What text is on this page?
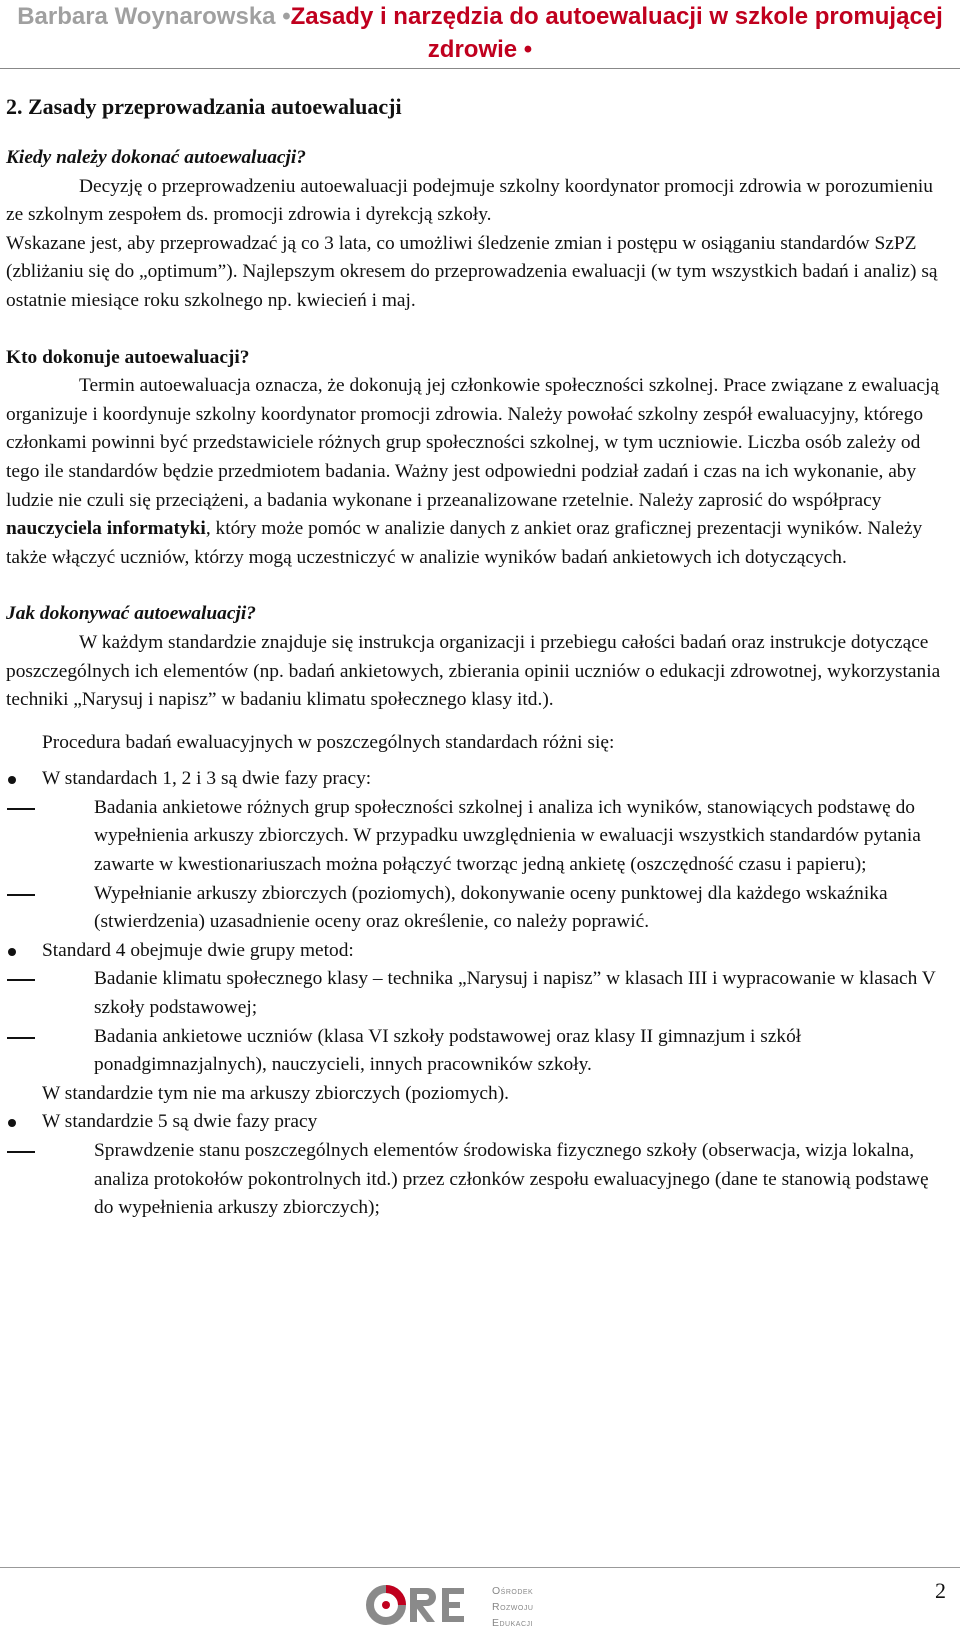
Barbara Woynarowska •Zasady i narzędzia do autoewaluacji w szkole promującej zdrowie •
2. Zasady przeprowadzania autoewaluacji

Kiedy należy dokonać autoewaluacji?

Decyzję o przeprowadzeniu autoewaluacji podejmuje szkolny koordynator promocji zdrowia w porozumieniu ze szkolnym zespołem ds. promocji zdrowia i dyrekcją szkoły.

Wskazane jest, aby przeprowadzać ją co 3 lata, co umożliwi śledzenie zmian i postępu w osiąganiu standardów SzPZ (zbliżaniu się do „optimum”). Najlepszym okresem do przeprowadzenia ewaluacji (w tym wszystkich badań i analiz) są ostatnie miesiące roku szkolnego np. kwiecień i maj.

Kto dokonuje autoewaluacji?

Termin autoewaluacja oznacza, że dokonują jej członkowie społeczności szkolnej. Prace związane z ewaluacją organizuje i koordynuje szkolny koordynator promocji zdrowia. Należy powołać szkolny zespół ewaluacyjny, którego członkami powinni być przedstawiciele różnych grup społeczności szkolnej, w tym uczniowie. Liczba osób zależy od tego ile standardów będzie przedmiotem badania. Ważny jest odpowiedni podział zadań i czas na ich wykonanie, aby ludzie nie czuli się przeciążeni, a badania wykonane i przeanalizowane rzetelnie. Należy zaprosić do współpracy nauczyciela informatyki, który może pomóc w analizie danych z ankiet oraz graficznej prezentacji wyników. Należy także włączyć uczniów, którzy mogą uczestniczyć w analizie wyników badań ankietowych ich dotyczących.

Jak dokonywać autoewaluacji?

W każdym standardzie znajduje się instrukcja organizacji i przebiegu całości badań oraz instrukcje dotyczące poszczególnych ich elementów (np. badań ankietowych, zbierania opinii uczniów o edukacji zdrowotnej, wykorzystania techniki „Narysuj i napisz” w badaniu klimatu społecznego klasy itd.).

Procedura badań ewaluacyjnych w poszczególnych standardach różni się:

W standardach 1, 2 i 3 są dwie fazy pracy:
Badania ankietowe różnych grup społeczności szkolnej i analiza ich wyników, stanowiących podstawę do wypełnienia arkuszy zbiorczych. W przypadku uwzględnienia w ewaluacji wszystkich standardów pytania zawarte w kwestionariuszach można połączyć tworząc jedną ankietę (oszczędność czasu i papieru);
Wypełnianie arkuszy zbiorczych (poziomych), dokonywanie oceny punktowej dla każdego wskaźnika (stwierdzenia) uzasadnienie oceny oraz określenie, co należy poprawić.
Standard 4 obejmuje dwie grupy metod:
Badanie klimatu społecznego klasy – technika „Narysuj i napisz” w klasach III i wypracowanie w klasach V szkoły podstawowej;
Badania ankietowe uczniów (klasa VI szkoły podstawowej oraz klasy II gimnazjum i szkół ponadgimnazjalnych), nauczycieli, innych pracowników szkoły.
W standardzie tym nie ma arkuszy zbiorczych (poziomych).
W standardzie 5 są dwie fazy pracy
Sprawdzenie stanu poszczególnych elementów środowiska fizycznego szkoły (obserwacja, wizja lokalna, analiza protokołów pokontrolnych itd.) przez członków zespołu ewaluacyjnego (dane te stanowią podstawę do wypełnienia arkuszy zbiorczych);
Ośrodek
Rozwoju
Edukacji
2
